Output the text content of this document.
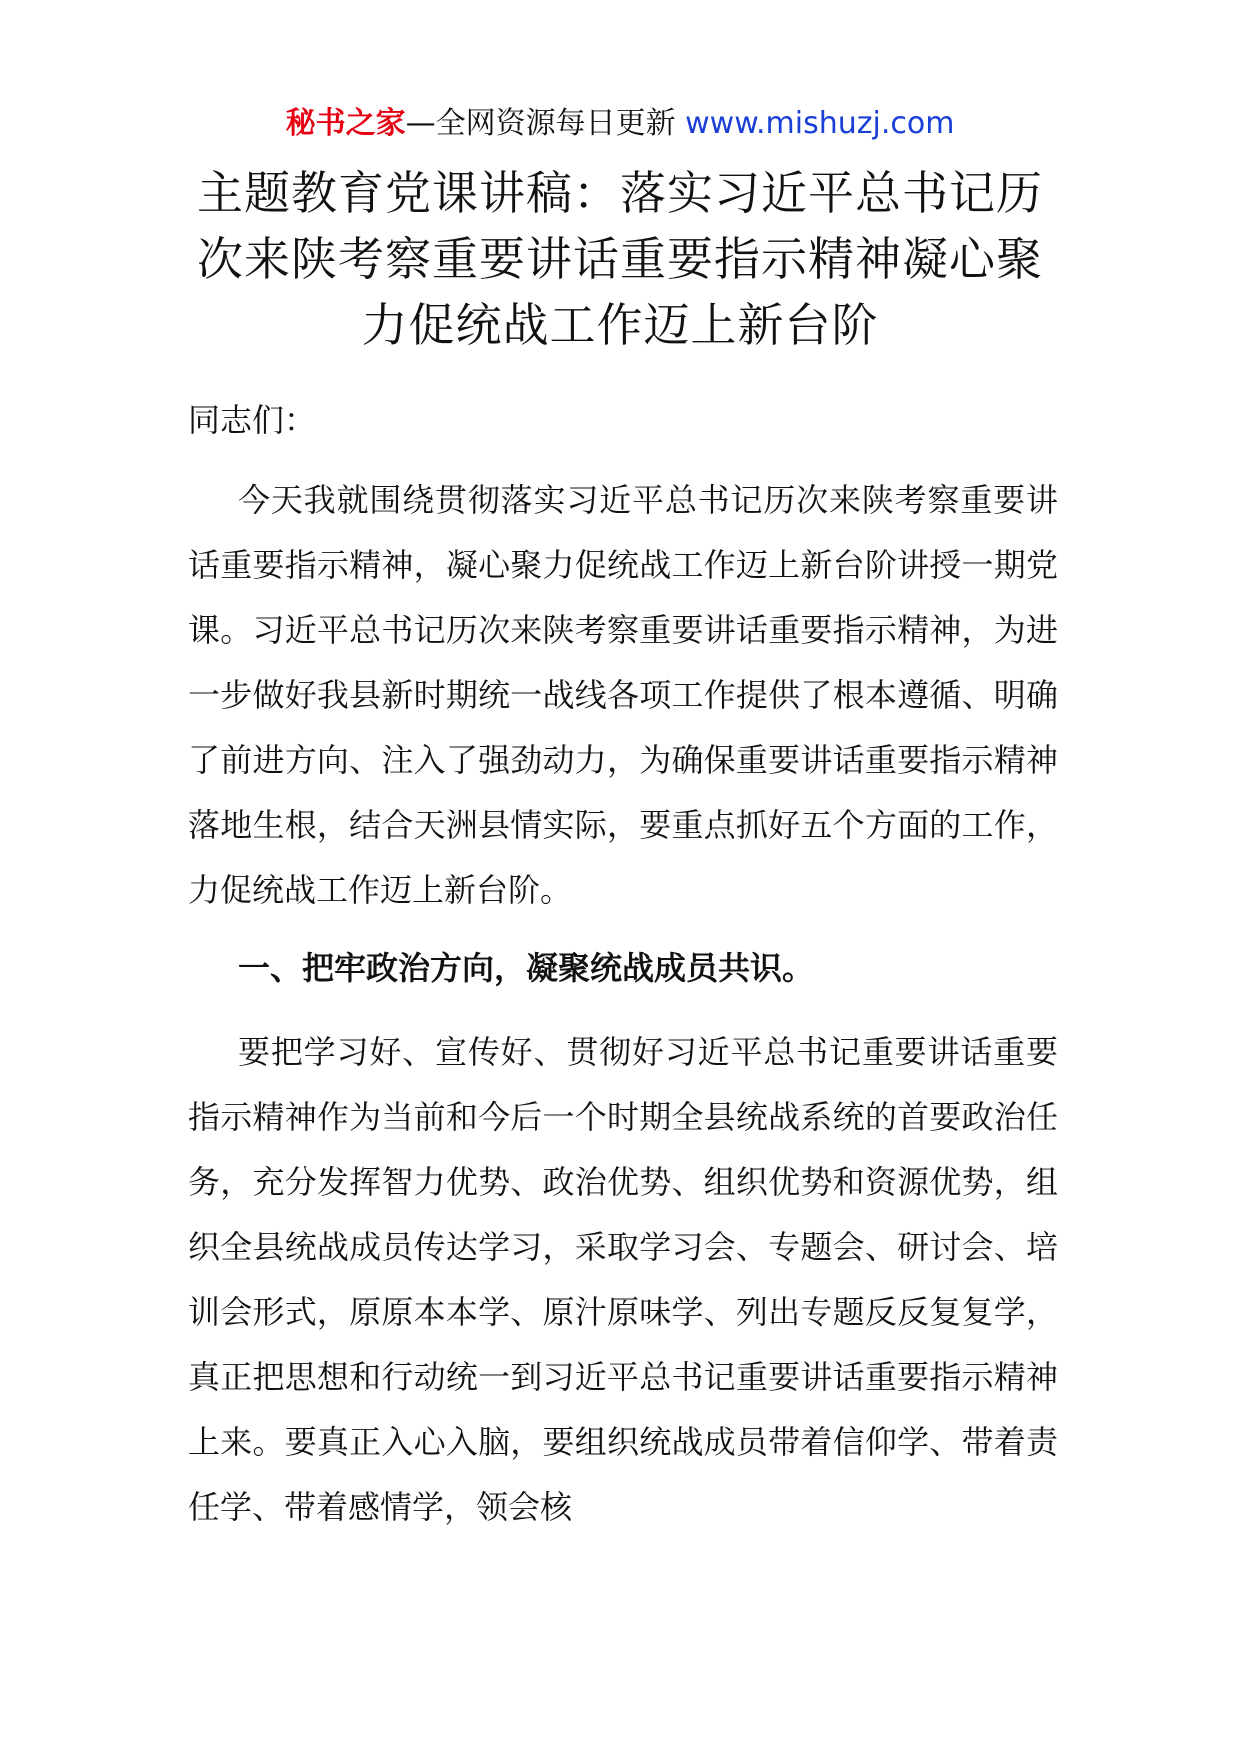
秘书之家—全网资源每日更新 www.mishuzj.com
主题教育党课讲稿：落实习近平总书记历
次来陕考察重要讲话重要指示精神凝心聚
力促统战工作迈上新台阶

同志们：

今天我就围绕贯彻落实习近平总书记历次来陕考察重要讲话重要指示精神，凝心聚力促统战工作迈上新台阶讲授一期党课。习近平总书记历次来陕考察重要讲话重要指示精神，为进一步做好我县新时期统一战线各项工作提供了根本遵循、明确了前进方向、注入了强劲动力，为确保重要讲话重要指示精神落地生根，结合天洲县情实际，要重点抓好五个方面的工作，力促统战工作迈上新台阶。

一、把牢政治方向，凝聚统战成员共识。

要把学习好、宣传好、贯彻好习近平总书记重要讲话重要指示精神作为当前和今后一个时期全县统战系统的首要政治任务，充分发挥智力优势、政治优势、组织优势和资源优势，组织全县统战成员传达学习，采取学习会、专题会、研讨会、培训会形式，原原本本学、原汁原味学、列出专题反反复复学，真正把思想和行动统一到习近平总书记重要讲话重要指示精神上来。要真正入心入脑，要组织统战成员带着信仰学、带着责任学、带着感情学，领会核
